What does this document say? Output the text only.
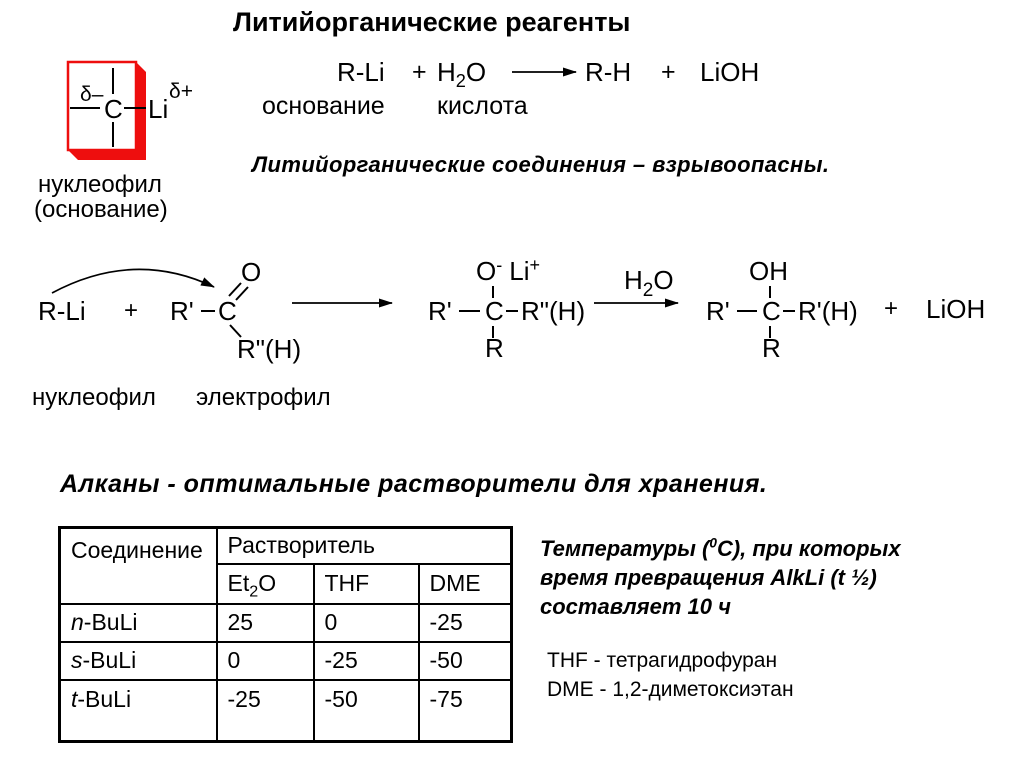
Литийорганические реагенты
δ– C Li
δ+
нуклеофил
(основание)
$R-Li + H_2O$	R-H + LiOH
основание кислота
Литийорганические соединения – взрывоопасны.
R-Li + R' C
O
R"(H)
O- Li+
R' C R"(H)
R
$H_2O$	OH
R' C R'(H)
R
+ LiOH
нуклеофил электрофил
Алканы - оптимальные растворители для хранения.
Соединение	Растворитель		
	$Et_2O$	THF	DME
n-BuLi	25	0	-25
s-BuLi	0	-25	-50
t-BuLi	-25	-50	-75
Температуры ($^0$С), при которых
время превращения AlkLi (t ½)
составляет 10 ч
THF - тетрагидрофуран
DME - 1,2-диметоксиэтан
